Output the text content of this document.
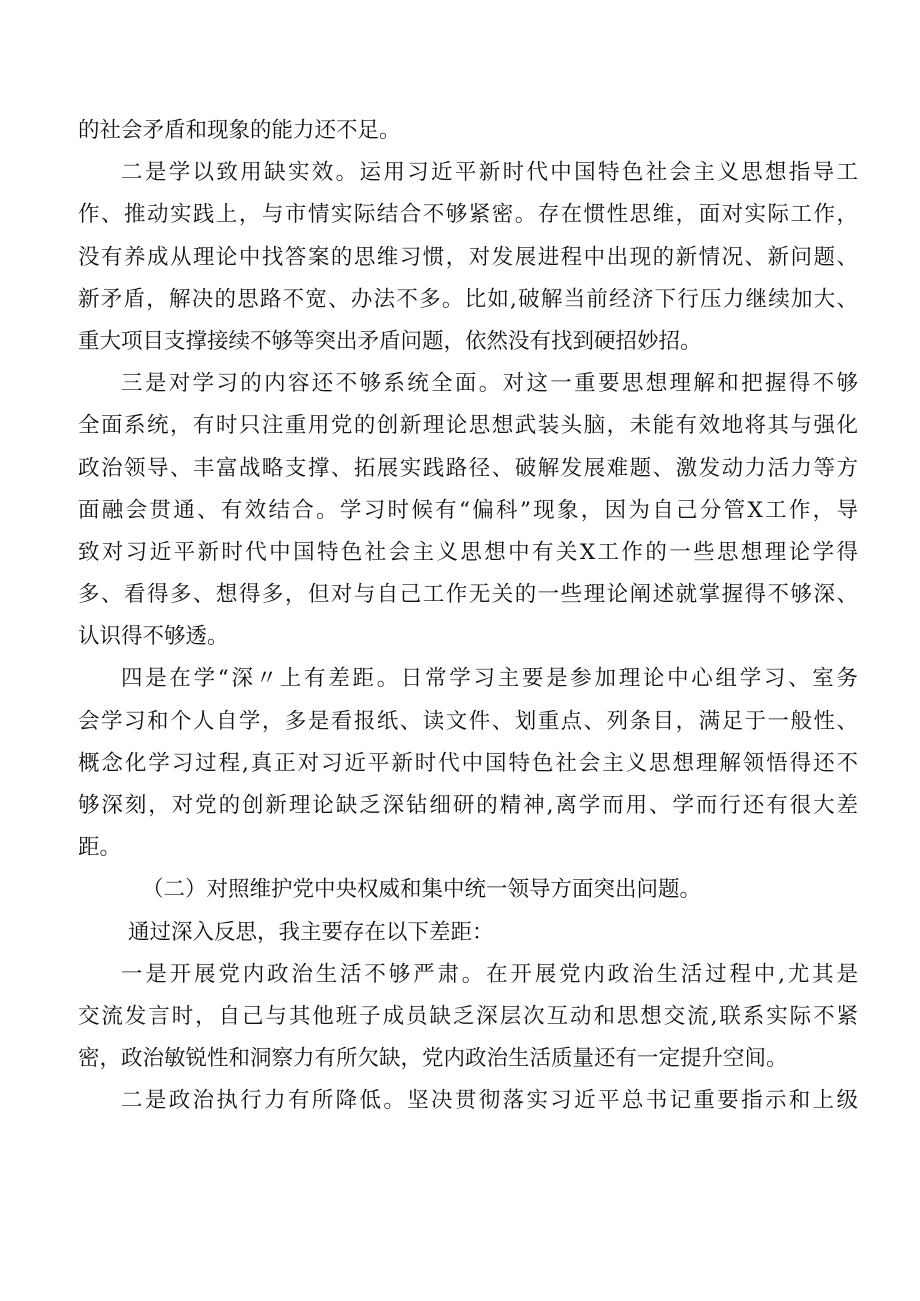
的社会矛盾和现象的能力还不足。
二是学以致用缺实效。运用习近平新时代中国特色社会主义思想指导工
作、推动实践上，与市情实际结合不够紧密。存在惯性思维，面对实际工作，
没有养成从理论中找答案的思维习惯，对发展进程中出现的新情况、新问题、
新矛盾，解决的思路不宽、办法不多。比如,破解当前经济下行压力继续加大、
重大项目支撑接续不够等突出矛盾问题，依然没有找到硬招妙招。
三是对学习的内容还不够系统全面。对这一重要思想理解和把握得不够
全面系统，有时只注重用党的创新理论思想武装头脑，未能有效地将其与强化
政治领导、丰富战略支撑、拓展实践路径、破解发展难题、激发动力活力等方
面融会贯通、有效结合。学习时候有“偏科”现象，因为自己分管X工作，导
致对习近平新时代中国特色社会主义思想中有关X工作的一些思想理论学得
多、看得多、想得多，但对与自己工作无关的一些理论阐述就掌握得不够深、
认识得不够透。
四是在学“深〃上有差距。日常学习主要是参加理论中心组学习、室务
会学习和个人自学，多是看报纸、读文件、划重点、列条目，满足于一般性、
概念化学习过程,真正对习近平新时代中国特色社会主义思想理解领悟得还不
够深刻，对党的创新理论缺乏深钻细研的精神,离学而用、学而行还有很大差
距。
（二）对照维护党中央权威和集中统一领导方面突出问题。
通过深入反思，我主要存在以下差距：
一是开展党内政治生活不够严肃。在开展党内政治生活过程中,尤其是
交流发言时，自己与其他班子成员缺乏深层次互动和思想交流,联系实际不紧
密，政治敏锐性和洞察力有所欠缺，党内政治生活质量还有一定提升空间。
二是政治执行力有所降低。坚决贯彻落实习近平总书记重要指示和上级
